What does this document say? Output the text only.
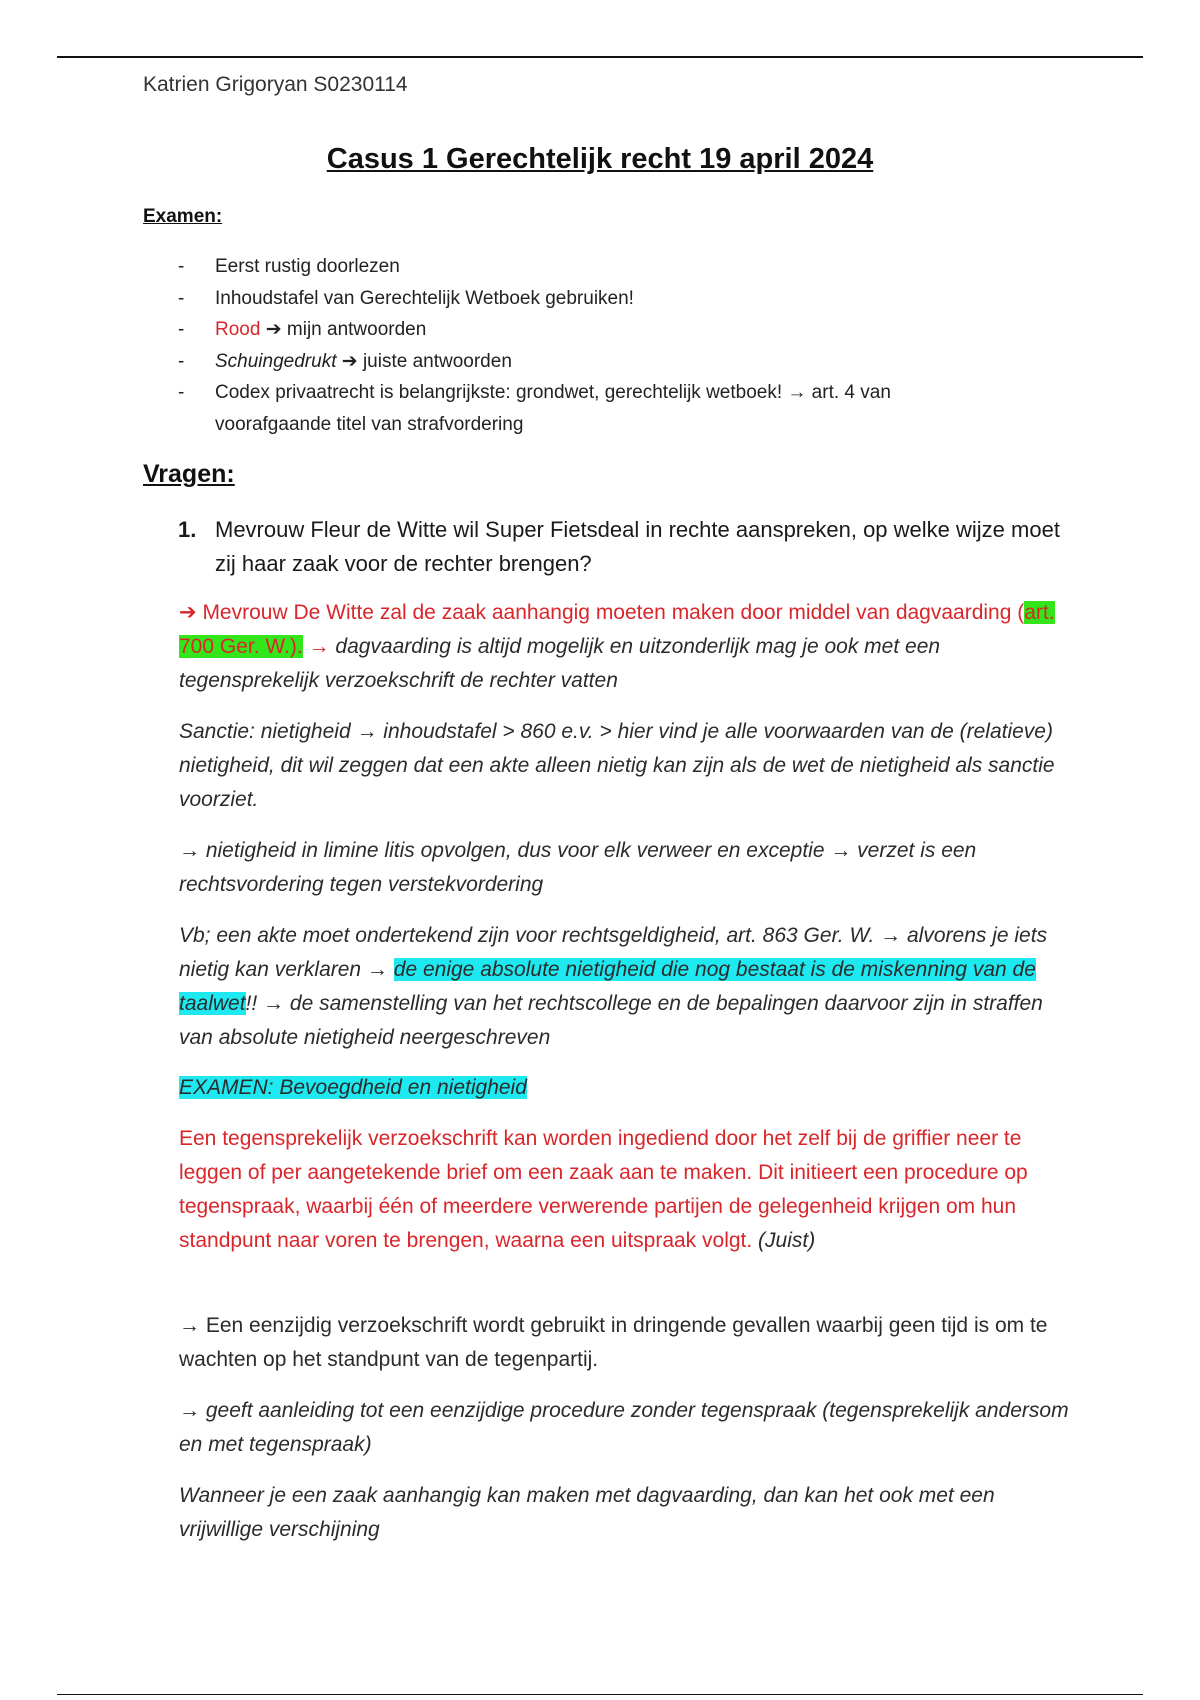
Katrien Grigoryan S0230114
Casus 1 Gerechtelijk recht 19 april 2024
Examen:
-	Eerst rustig doorlezen
-	Inhoudstafel van Gerechtelijk Wetboek gebruiken!
-	Rood ➔ mijn antwoorden
-	Schuingedrukt ➔ juiste antwoorden
-	Codex privaatrecht is belangrijkste: grondwet, gerechtelijk wetboek! → art. 4 van voorafgaande titel van strafvordering
Vragen:
1. Mevrouw Fleur de Witte wil Super Fietsdeal in rechte aanspreken, op welke wijze moet zij haar zaak voor de rechter brengen?
➔ Mevrouw De Witte zal de zaak aanhangig moeten maken door middel van dagvaarding (art. 700 Ger. W.). → dagvaarding is altijd mogelijk en uitzonderlijk mag je ook met een tegensprekelijk verzoekschrift de rechter vatten
Sanctie: nietigheid → inhoudstafel > 860 e.v. > hier vind je alle voorwaarden van de (relatieve) nietigheid, dit wil zeggen dat een akte alleen nietig kan zijn als de wet de nietigheid als sanctie voorziet.
→ nietigheid in limine litis opvolgen, dus voor elk verweer en exceptie → verzet is een rechtsvordering tegen verstekvordering
Vb; een akte moet ondertekend zijn voor rechtsgeldigheid, art. 863 Ger. W. → alvorens je iets nietig kan verklaren → de enige absolute nietigheid die nog bestaat is de miskenning van de taalwet!! → de samenstelling van het rechtscollege en de bepalingen daarvoor zijn in straffen van absolute nietigheid neergeschreven
EXAMEN: Bevoegdheid en nietigheid
Een tegensprekelijk verzoekschrift kan worden ingediend door het zelf bij de griffier neer te leggen of per aangetekende brief om een zaak aan te maken. Dit initieert een procedure op tegenspraak, waarbij één of meerdere verwerende partijen de gelegenheid krijgen om hun standpunt naar voren te brengen, waarna een uitspraak volgt. (Juist)
→ Een eenzijdig verzoekschrift wordt gebruikt in dringende gevallen waarbij geen tijd is om te wachten op het standpunt van de tegenpartij.
→ geeft aanleiding tot een eenzijdige procedure zonder tegenspraak (tegensprekelijk andersom en met tegenspraak)
Wanneer je een zaak aanhangig kan maken met dagvaarding, dan kan het ook met een vrijwillige verschijning
